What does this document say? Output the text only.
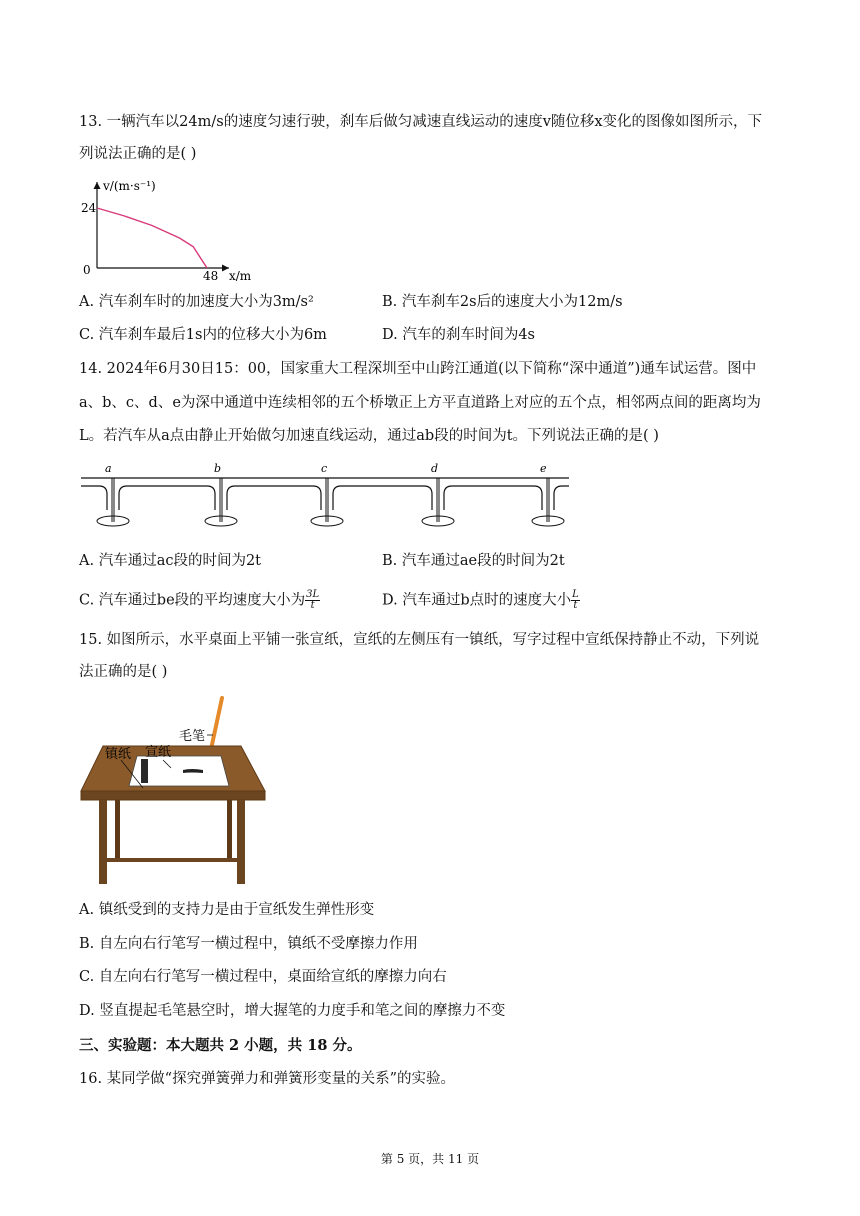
13. 一辆汽车以24m/s的速度匀速行驶，刹车后做匀减速直线运动的速度v随位移x变化的图像如图所示，下
列说法正确的是( )
v/(m·s⁻¹)
x/m
24
48
0
A. 汽车刹车时的加速度大小为3m/s²	B. 汽车刹车2s后的速度大小为12m/s
C. 汽车刹车最后1s内的位移大小为6m	D. 汽车的刹车时间为4s
14. 2024年6月30日15：00，国家重大工程深圳至中山跨江通道(以下简称“深中通道”)通车试运营。图中
a、b、c、d、e为深中通道中连续相邻的五个桥墩正上方平直道路上对应的五个点，相邻两点间的距离均为
L。若汽车从a点由静止开始做匀加速直线运动，通过ab段的时间为t。下列说法正确的是( )
a	b	c	d	e
A. 汽车通过ac段的时间为2t	B. 汽车通过ae段的时间为2t
C. 汽车通过be段的平均速度大小为 $\frac{3L}{t}$	D. 汽车通过b点时的速度大小 $\frac{L}{t}$
15. 如图所示，水平桌面上平铺一张宣纸，宣纸的左侧压有一镇纸，写字过程中宣纸保持静止不动，下列说
法正确的是( )
毛笔
镇纸 宣纸
A. 镇纸受到的支持力是由于宣纸发生弹性形变
B. 自左向右行笔写一横过程中，镇纸不受摩擦力作用
C. 自左向右行笔写一横过程中，桌面给宣纸的摩擦力向右
D. 竖直提起毛笔悬空时，增大握笔的力度手和笔之间的摩擦力不变
三、实验题：本大题共 2 小题，共 18 分。
16. 某同学做“探究弹簧弹力和弹簧形变量的关系”的实验。
第 5 页，共 11 页
